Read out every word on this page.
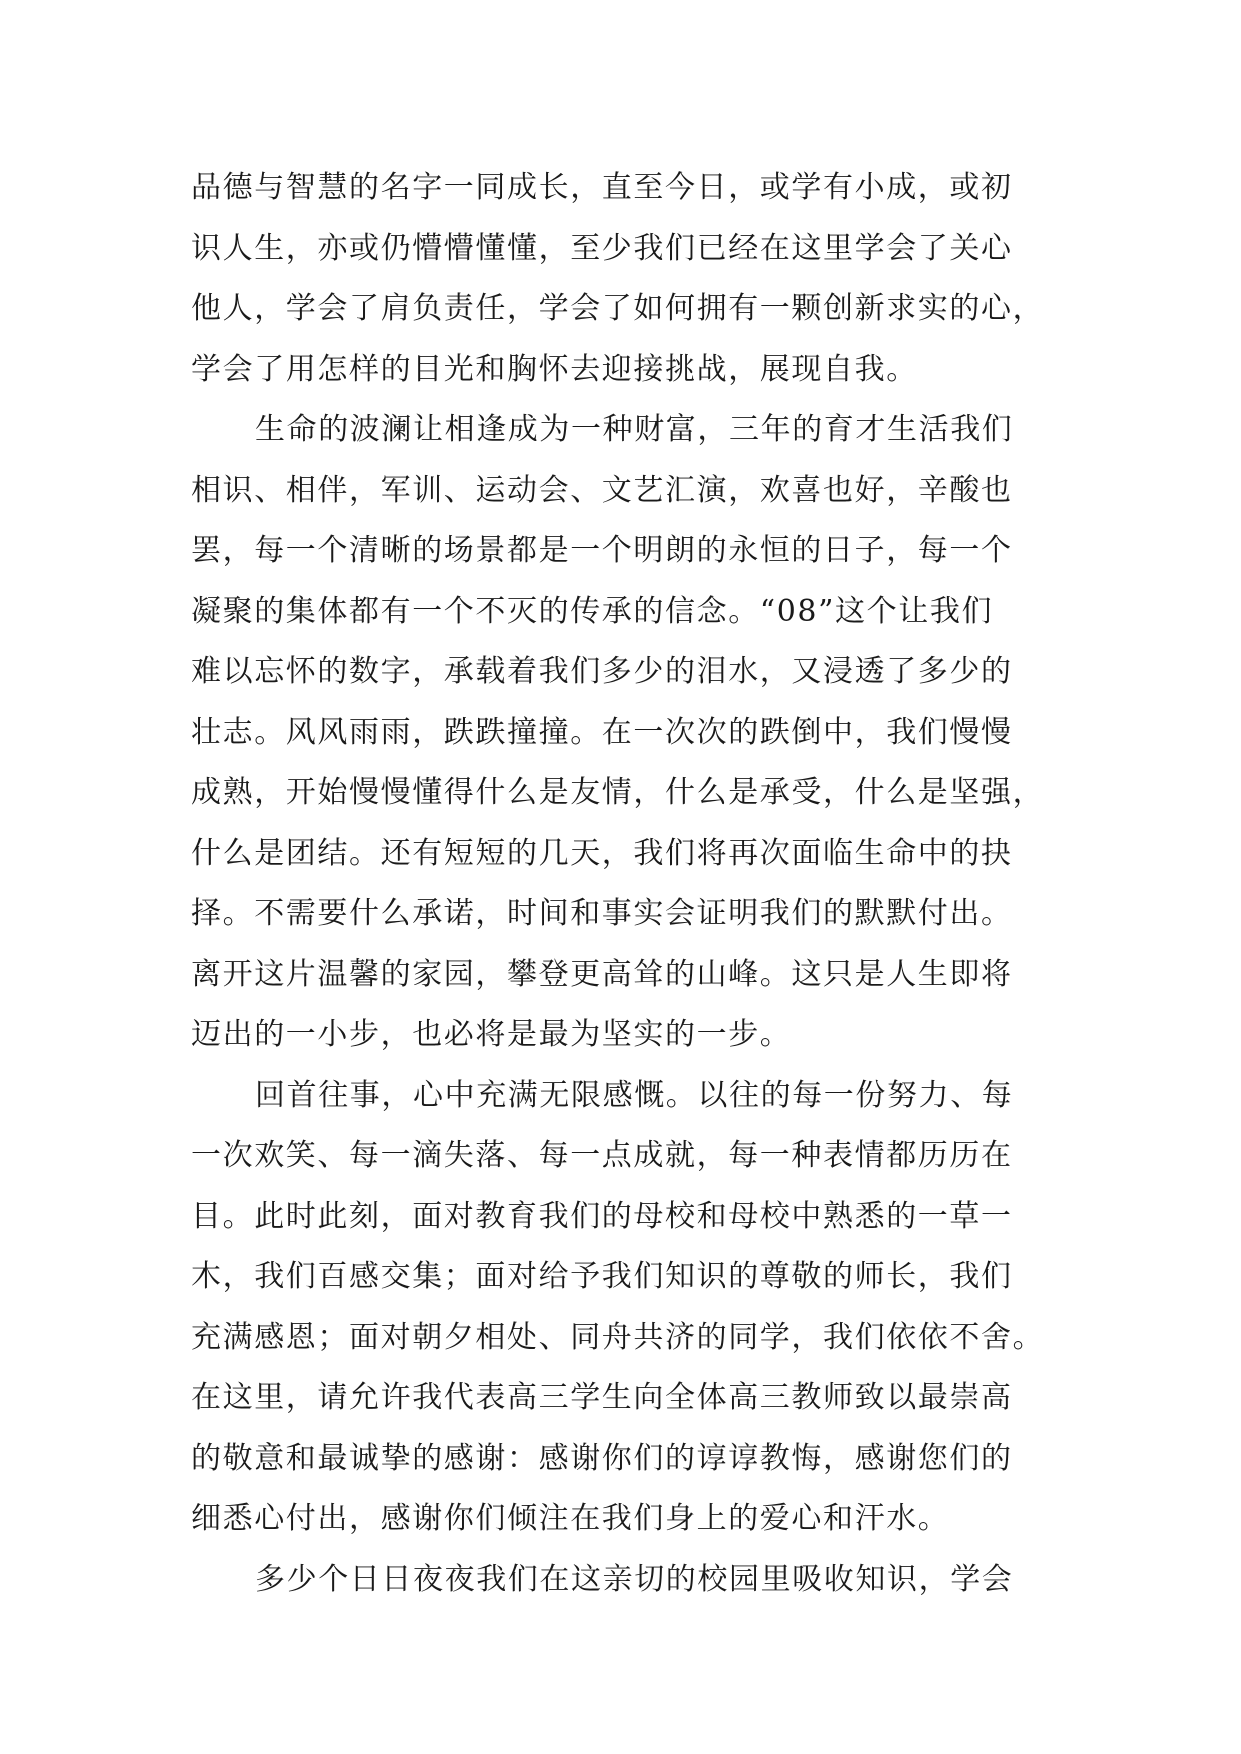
品德与智慧的名字一同成长，直至今日，或学有小成，或初
识人生，亦或仍懵懵懂懂，至少我们已经在这里学会了关心
他人，学会了肩负责任，学会了如何拥有一颗创新求实的心，
学会了用怎样的目光和胸怀去迎接挑战，展现自我。
生命的波澜让相逢成为一种财富，三年的育才生活我们
相识、相伴，军训、运动会、文艺汇演，欢喜也好，辛酸也
罢，每一个清晰的场景都是一个明朗的永恒的日子，每一个
凝聚的集体都有一个不灭的传承的信念。“08”这个让我们
难以忘怀的数字，承载着我们多少的泪水，又浸透了多少的
壮志。风风雨雨，跌跌撞撞。在一次次的跌倒中，我们慢慢
成熟，开始慢慢懂得什么是友情，什么是承受，什么是坚强，
什么是团结。还有短短的几天，我们将再次面临生命中的抉
择。不需要什么承诺，时间和事实会证明我们的默默付出。
离开这片温馨的家园，攀登更高耸的山峰。这只是人生即将
迈出的一小步，也必将是最为坚实的一步。
回首往事，心中充满无限感慨。以往的每一份努力、每
一次欢笑、每一滴失落、每一点成就，每一种表情都历历在
目。此时此刻，面对教育我们的母校和母校中熟悉的一草一
木，我们百感交集；面对给予我们知识的尊敬的师长，我们
充满感恩；面对朝夕相处、同舟共济的同学，我们依依不舍。
在这里，请允许我代表高三学生向全体高三教师致以最崇高
的敬意和最诚挚的感谢：感谢你们的谆谆教悔，感谢您们的
细悉心付出，感谢你们倾注在我们身上的爱心和汗水。
多少个日日夜夜我们在这亲切的校园里吸收知识，学会
